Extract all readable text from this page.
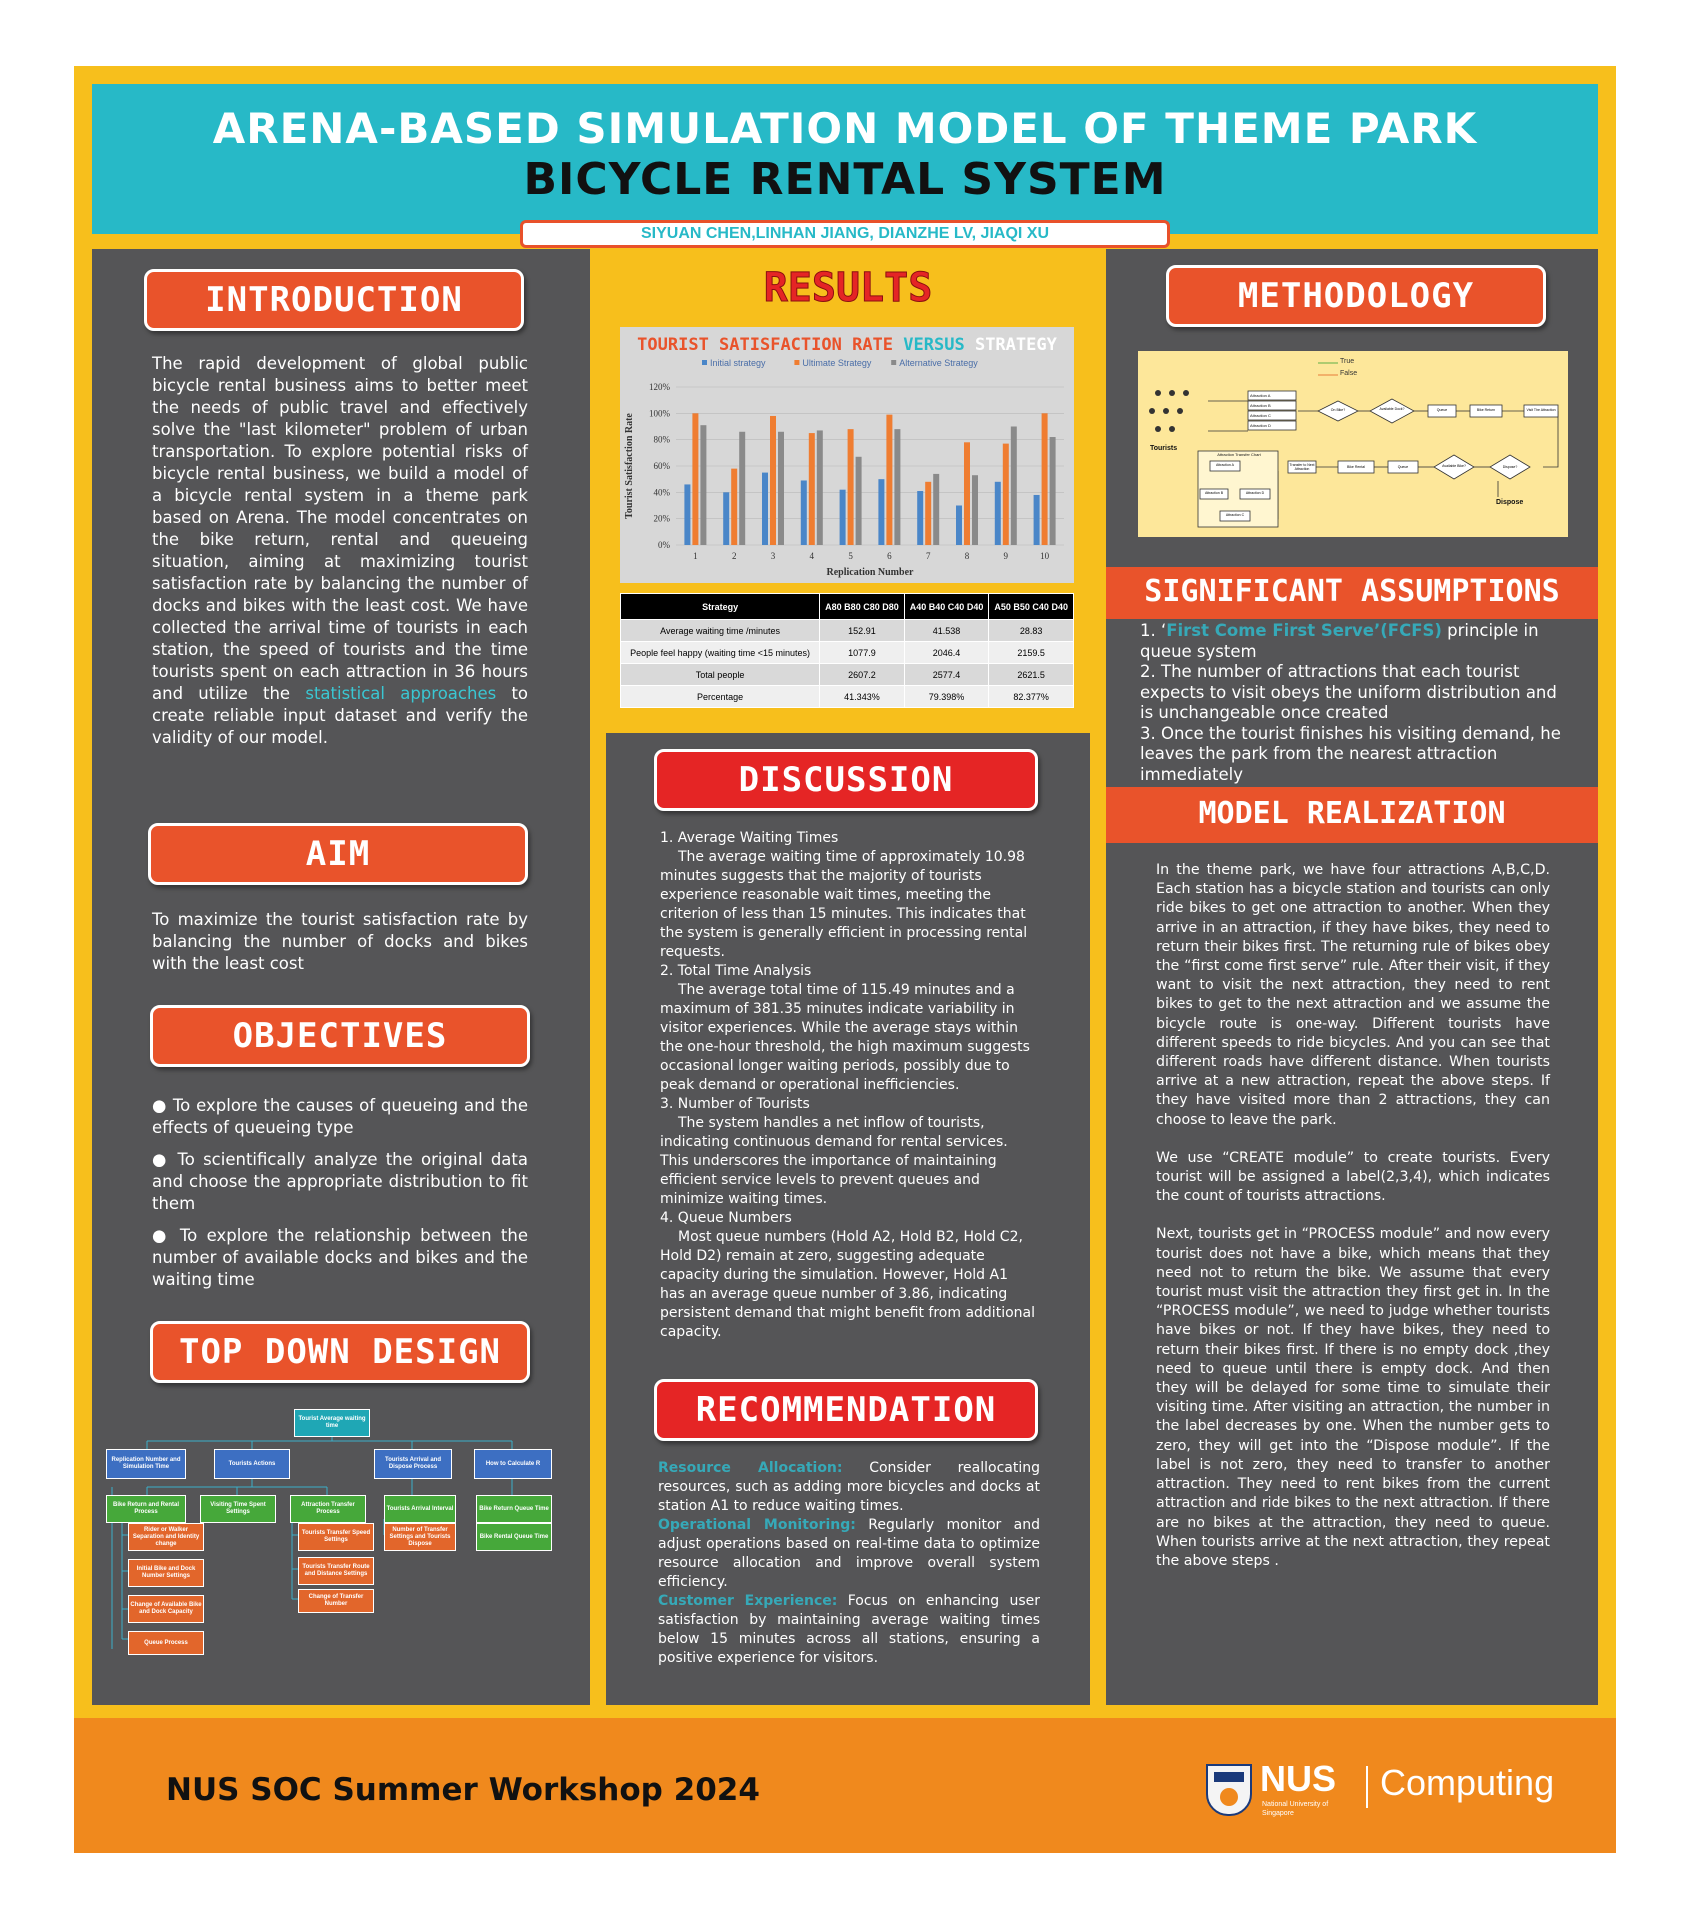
ARENA-BASED SIMULATION MODEL OF THEME PARK
BICYCLE RENTAL SYSTEM
SIYUAN CHEN,LINHAN JIANG, DIANZHE LV, JIAQI XU
INTRODUCTION
The rapid development of global public bicycle rental business aims to better meet the needs of public travel and effectively solve the "last kilometer" problem of urban transportation. To explore potential risks of bicycle rental business, we build a model of a bicycle rental system in a theme park based on Arena. The model concentrates on the bike return, rental and queueing situation, aiming at maximizing tourist satisfaction rate by balancing the number of docks and bikes with the least cost. We have collected the arrival time of tourists in each station, the speed of tourists and the time tourists spent on each attraction in 36 hours and utilize the statistical approaches to create reliable input dataset and verify the validity of our model.
AIM
To maximize the tourist satisfaction rate by balancing the number of docks and bikes with the least cost
OBJECTIVES
● To explore the causes of queueing and the effects of queueing type
● To scientifically analyze the original data and choose the appropriate distribution to fit them
● To explore the relationship between the number of available docks and bikes and the waiting time
TOP DOWN DESIGN
Tourist Average waiting time
Replication Number and Simulation Time
Tourists Actions
Tourists Arrival and Dispose Process
How to Calculate R
Bike Return and Rental Process
Visiting Time Spent Settings
Attraction Transfer Process
Tourists Arrival Interval	Bike Return Queue Time
Rider or Walker Separation and Identity change
Initial Bike and Dock Number Settings
Change of Available Bike and Dock Capacity
Queue Process
Tourists Transfer Speed Settings
Tourists Transfer Route and Distance Settings
Change of Transfer Number
Number of Transfer Settings and Tourists Dispose
Bike Rental Queue Time
RESULTS
TOURIST SATISFACTION RATE VERSUS STRATEGY
Initial strategy	Ultimate Strategy	Alternative Strategy
0%
20%
40%
60%
80%
100%
120%
1	2	3	4	5	6	7	8	9	10
Replication Number
Tourist Satisfaction Rate
Strategy	A80 B80 C80 D80	A40 B40 C40 D40	A50 B50 C40 D40
Average waiting time /minutes	152.91	41.538	28.83
People feel happy (waiting time <15 minutes)	1077.9	2046.4	2159.5
Total people	2607.2	2577.4	2621.5
Percentage	41.343%	79.398%	82.377%
DISCUSSION
1. Average Waiting Times
The average waiting time of approximately 10.98 minutes suggests that the majority of tourists experience reasonable wait times, meeting the criterion of less than 15 minutes. This indicates that the system is generally efficient in processing rental requests.
2. Total Time Analysis
The average total time of 115.49 minutes and a maximum of 381.35 minutes indicate variability in visitor experiences. While the average stays within the one-hour threshold, the high maximum suggests occasional longer waiting periods, possibly due to peak demand or operational inefficiencies.
3. Number of Tourists
The system handles a net inflow of tourists, indicating continuous demand for rental services. This underscores the importance of maintaining efficient service levels to prevent queues and minimize waiting times.
4. Queue Numbers
Most queue numbers (Hold A2, Hold B2, Hold C2, Hold D2) remain at zero, suggesting adequate capacity during the simulation. However, Hold A1 has an average queue number of 3.86, indicating persistent demand that might benefit from additional capacity.
RECOMMENDATION
Resource Allocation: Consider reallocating resources, such as adding more bicycles and docks at station A1 to reduce waiting times.
Operational Monitoring: Regularly monitor and adjust operations based on real-time data to optimize resource allocation and improve overall system efficiency.
Customer Experience: Focus on enhancing user satisfaction by maintaining average waiting times below 15 minutes across all stations, ensuring a positive experience for visitors.
METHODOLOGY
True
False
Tourists
Dispose
Attraction A
Attraction B
Attraction C
Attraction D
Attraction Transfer Chart
Attraction A
Attraction B	Attraction D
Attraction C
On Bike?	Available Dock?	Queue	Bike Return	Visit The Attraction
Transfer to Next Attraction	Bike Rental	Queue	Available Bike?	Dispose?
SIGNIFICANT ASSUMPTIONS
1. ‘First Come First Serve’(FCFS) principle in queue system
2. The number of attractions that each tourist expects to visit obeys the uniform distribution and is unchangeable once created
3. Once the tourist finishes his visiting demand, he leaves the park from the nearest attraction immediately
MODEL REALIZATION

In the theme park, we have four attractions A,B,C,D. Each station has a bicycle station and tourists can only ride bikes to get one attraction to another. When they arrive in an attraction, if they have bikes, they need to return their bikes first. The returning rule of bikes obey the “first come first serve” rule. After their visit, if they want to visit the next attraction, they need to rent bikes to get to the next attraction and we assume the bicycle route is one-way. Different tourists have different speeds to ride bicycles. And you can see that different roads have different distance. When tourists arrive at a new attraction, repeat the above steps. If they have visited more than 2 attractions, they can choose to leave the park.

We use “CREATE module” to create tourists. Every tourist will be assigned a label(2,3,4), which indicates the count of tourists attractions.

Next, tourists get in “PROCESS module” and now every tourist does not have a bike, which means that they need not to return the bike. We assume that every tourist must visit the attraction they first get in. In the “PROCESS module”, we need to judge whether tourists have bikes or not. If they have bikes, they need to return their bikes first. If there is no empty dock ,they need to queue until there is empty dock. And then they will be delayed for some time to simulate their visiting time. After visiting an attraction, the number in the label decreases by one. When the number gets to zero, they will get into the “Dispose module”. If the label is not zero, they need to transfer to another attraction. They need to rent bikes from the current attraction and ride bikes to the next attraction. If there are no bikes at the attraction, they need to queue. When tourists arrive at the next attraction, they repeat the above steps .

NUS SOC Summer Workshop 2024	NUS
National University of Singapore
Computing
